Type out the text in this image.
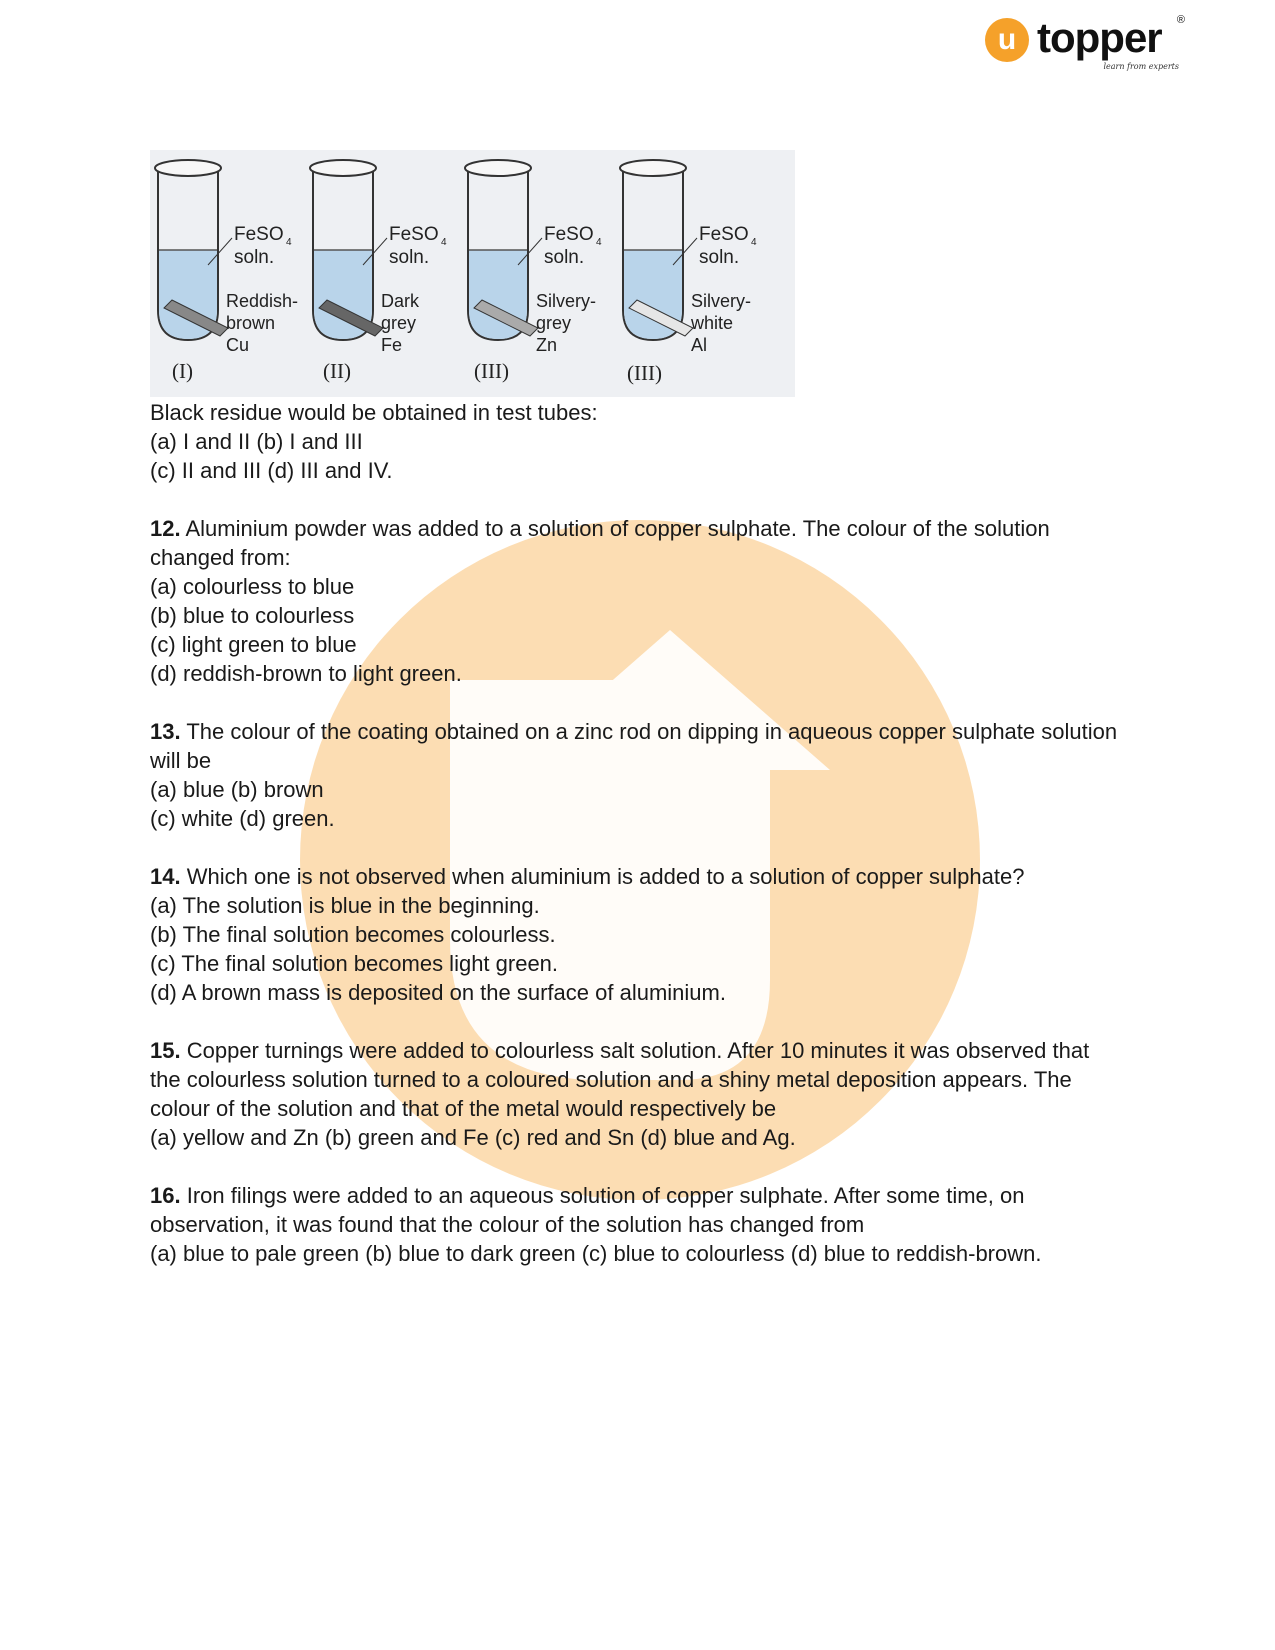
u topper ®
learn from experts
FeSO 4
soln.
Reddish-
brown
Cu
(I)
FeSO 4
soln.
Dark
grey
Fe
(II)
FeSO 4
soln.
Silvery-
grey
Zn
(III)
FeSO 4
soln.
Silvery-
white
Al
(III)

Black residue would be obtained in test tubes:

(a) I and II (b) I and III

(c) II and III (d) III and IV.

12. Aluminium powder was added to a solution of copper sulphate. The colour of the solution changed from:

(a) colourless to blue

(b) blue to colourless

(c) light green to blue

(d) reddish-brown to light green.

13. The colour of the coating obtained on a zinc rod on dipping in aqueous copper sulphate solution will be

(a) blue (b) brown

(c) white (d) green.

14. Which one is not observed when aluminium is added to a solution of copper sulphate?

(a) The solution is blue in the beginning.

(b) The final solution becomes colourless.

(c) The final solution becomes light green.

(d) A brown mass is deposited on the surface of aluminium.

15. Copper turnings were added to colourless salt solution. After 10 minutes it was observed that the colourless solution turned to a coloured solution and a shiny metal deposition appears. The colour of the solution and that of the metal would respectively be

(a) yellow and Zn (b) green and Fe (c) red and Sn (d) blue and Ag.

16. Iron filings were added to an aqueous solution of copper sulphate. After some time, on observation, it was found that the colour of the solution has changed from

(a) blue to pale green (b) blue to dark green (c) blue to colourless (d) blue to reddish-brown.
